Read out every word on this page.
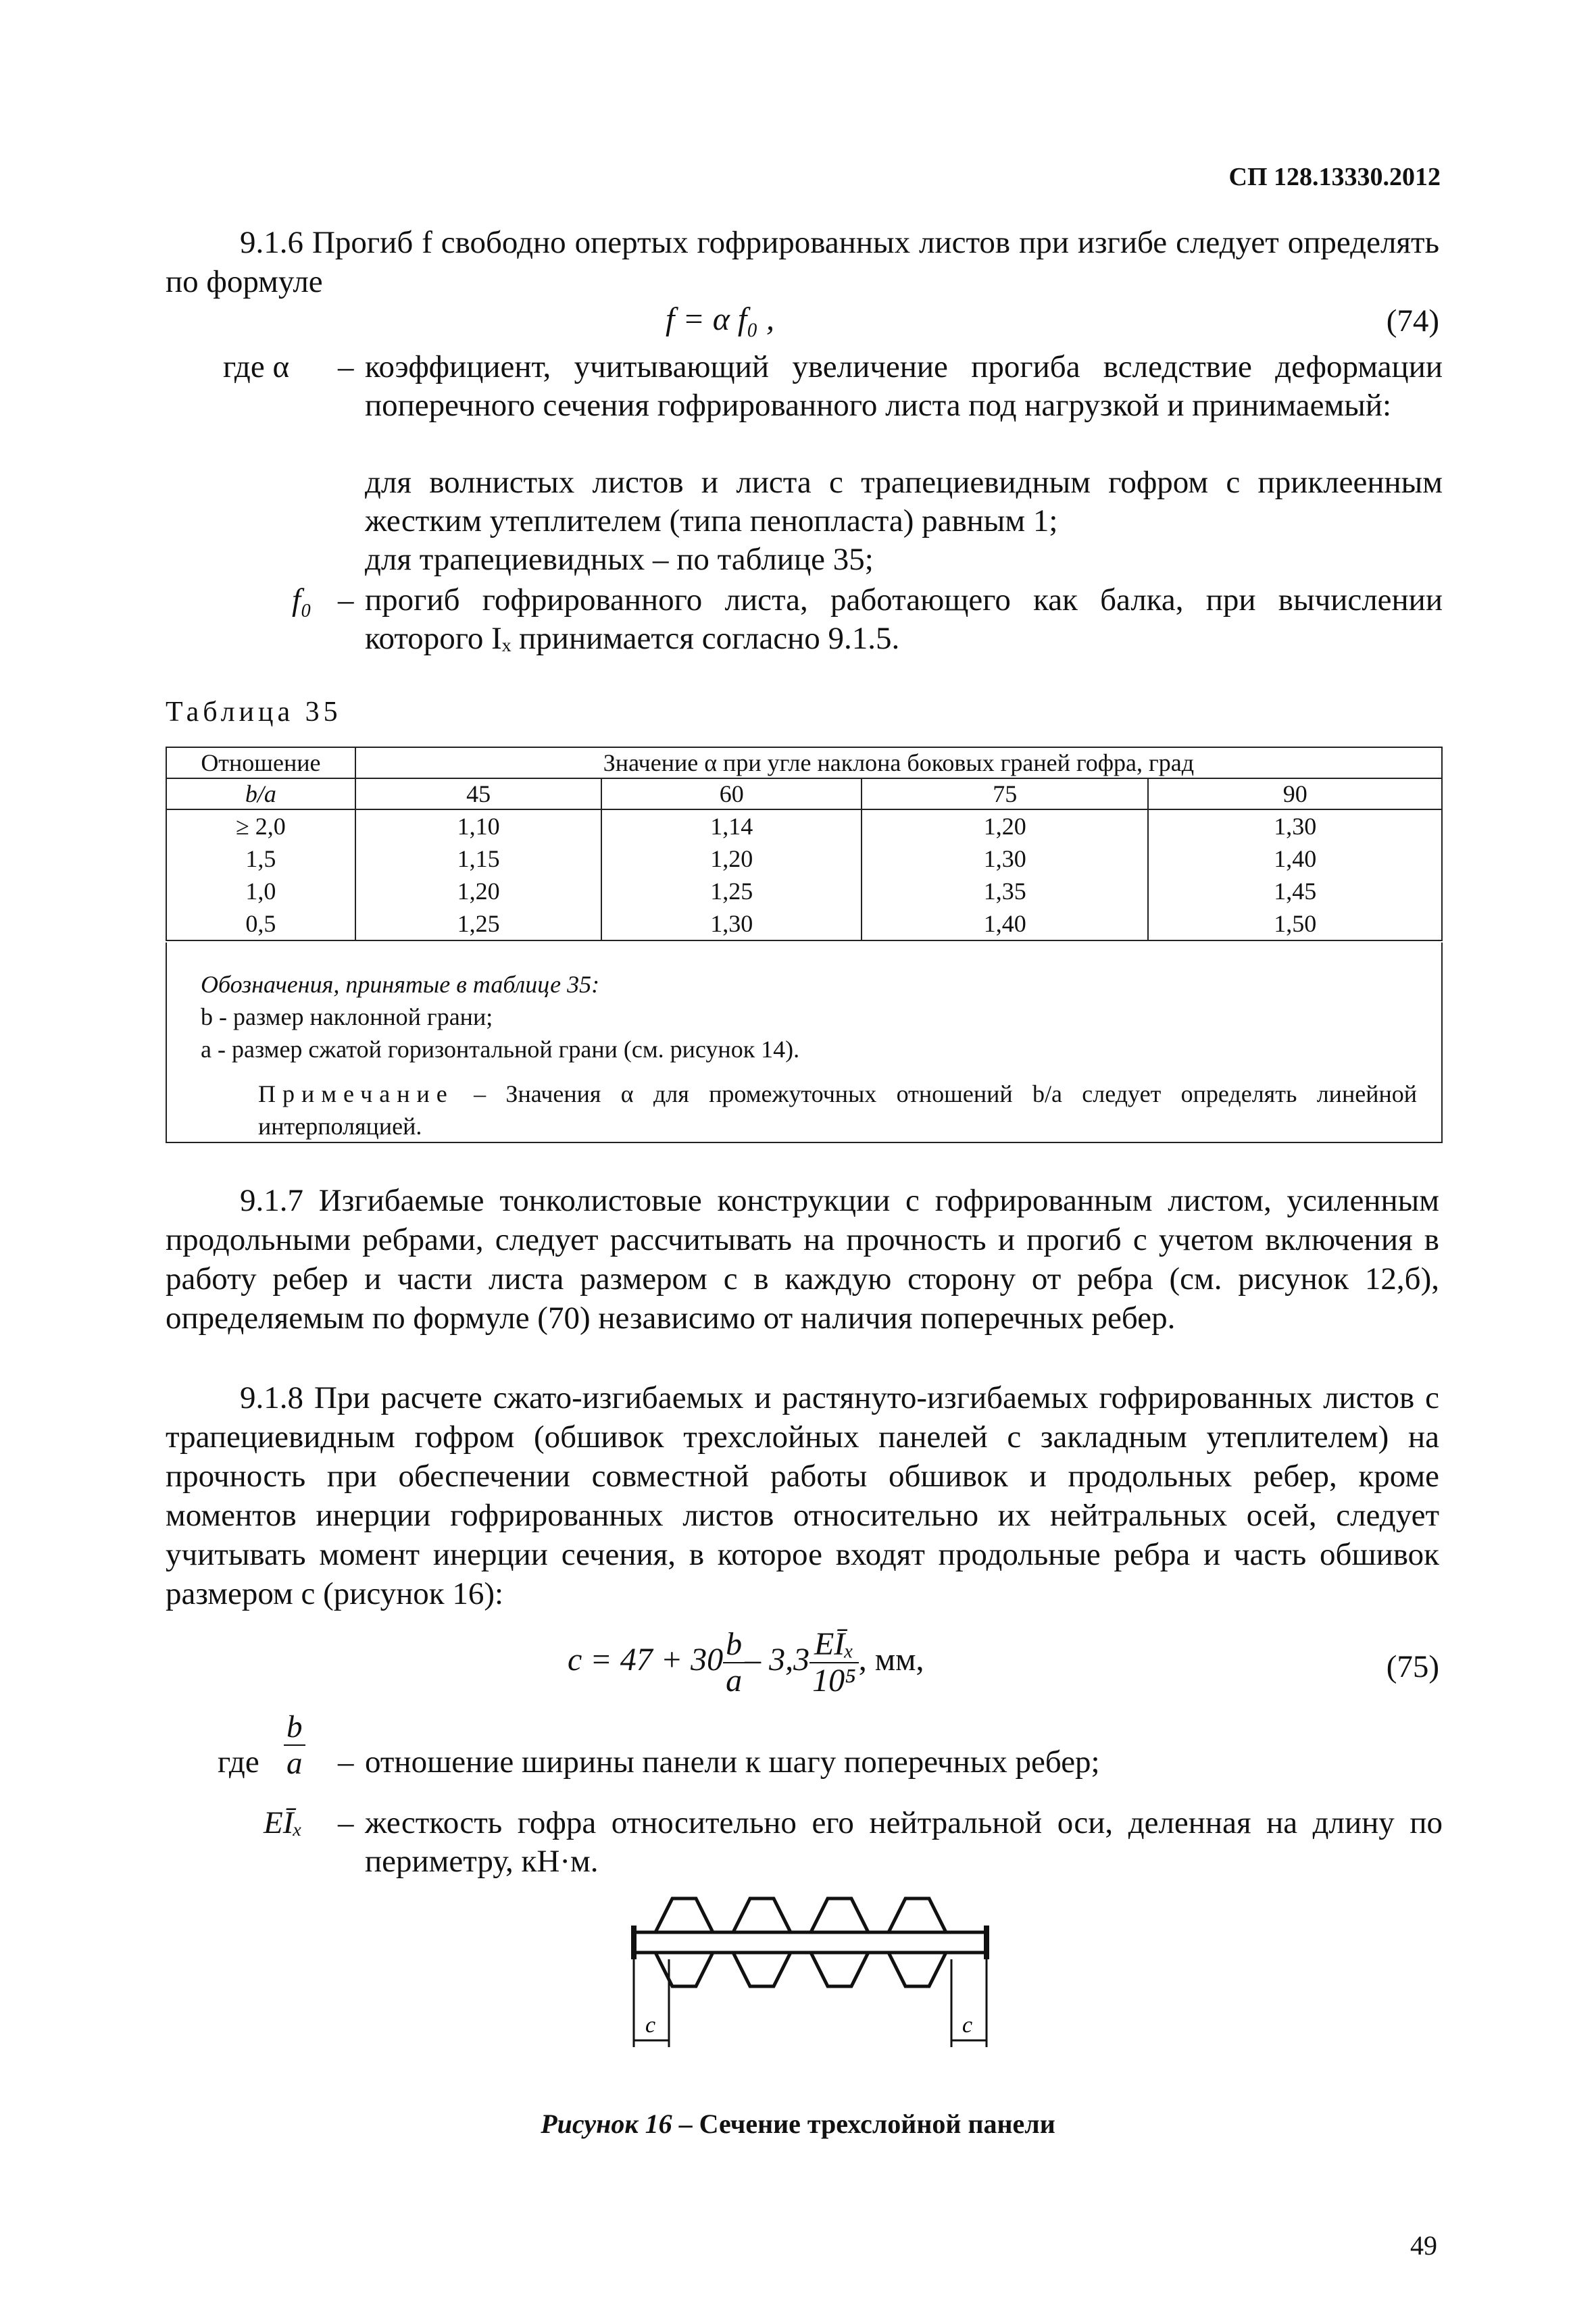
СП 128.13330.2012
9.1.6 Прогиб f свободно опертых гофрированных листов при изгибе следует определять по формуле
f = α f₀ ,	(74)
где α	– коэффициент, учитывающий увеличение прогиба вследствие деформации поперечного сечения гофрированного листа под нагрузкой и принимаемый:
для волнистых листов и листа с трапециевидным гофром с приклеенным жестким утеплителем (типа пенопласта) равным 1;
для трапециевидных – по таблице 35;
f₀ – прогиб гофрированного листа, работающего как балка, при вычислении которого Iₓ принимается согласно 9.1.5.
Таблица 35
Отношение	Значение α при угле наклона боковых граней гофра, град			
b/a	45	60	75	90
≥ 2,0	1,10	1,14	1,20	1,30
1,5	1,15	1,20	1,30	1,40
1,0	1,20	1,25	1,35	1,45
0,5	1,25	1,30	1,40	1,50
Обозначения, принятые в таблице 35:
b - размер наклонной грани;
a - размер сжатой горизонтальной грани (см. рисунок 14).
Примечание – Значения α для промежуточных отношений b/a следует определять линейной интерполяцией.
9.1.7 Изгибаемые тонколистовые конструкции с гофрированным листом, усиленным продольными ребрами, следует рассчитывать на прочность и прогиб с учетом включения в работу ребер и части листа размером c в каждую сторону от ребра (см. рисунок 12,б), определяемым по формуле (70) независимо от наличия поперечных ребер.
9.1.8 При расчете сжато-изгибаемых и растянуто-изгибаемых гофрированных листов с трапециевидным гофром (обшивок трехслойных панелей с закладным утеплителем) на прочность при обеспечении совместной работы обшивок и продольных ребер, кроме моментов инерции гофрированных листов относительно их нейтральных осей, следует учитывать момент инерции сечения, в которое входят продольные ребра и часть обшивок размером c (рисунок 16):
$c = 47 + 30 \frac{b}{a} - 3,3 \frac{\text{EĪₓ}}{\text{10⁵}}$ , мм,	(75)
где $\frac{b}{a}$ – отношение ширины панели к шагу поперечных ребер;
EĪₓ	– жесткость гофра относительно его нейтральной оси, деленная на длину по периметру, кН·м.
c	c
Рисунок 16 – Сечение трехслойной панели
49
